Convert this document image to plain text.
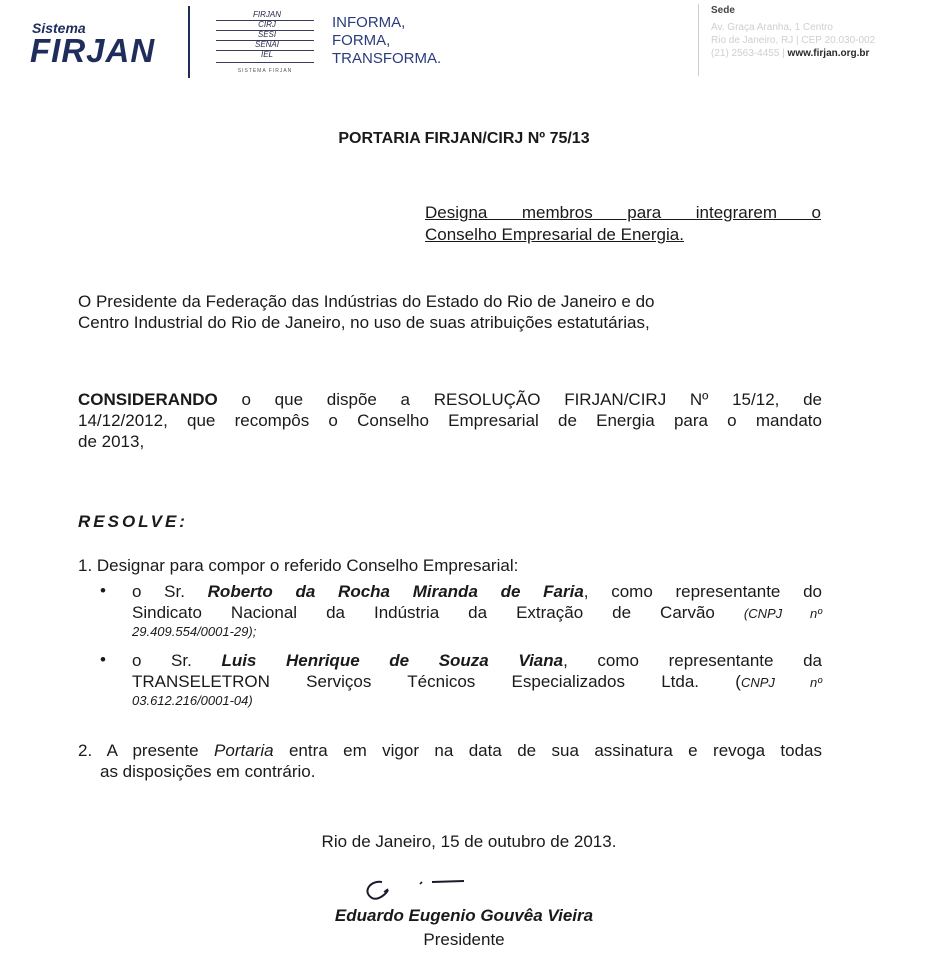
Sistema
FIRJAN
FIRJAN
CIRJ
SESI
SENAI
IEL
SISTEMA FIRJAN
INFORMA,
FORMA,
TRANSFORMA.
Sede
Av. Graça Aranha, 1 Centro
Rio de Janeiro, RJ | CEP 20.030-002
(21) 2563-4455 | www.firjan.org.br
PORTARIA FIRJAN/CIRJ Nº 75/13
Designa membros para integrarem o
Conselho Empresarial de Energia .
O Presidente da Federação das Indústrias do Estado do Rio de Janeiro e do
Centro Industrial do Rio de Janeiro, no uso de suas atribuições estatutárias,
CONSIDERANDO o que dispõe a RESOLUÇÃO FIRJAN/CIRJ Nº 15/12, de
14/12/2012, que recompôs o Conselho Empresarial de Energia para o mandato
de 2013,
RESOLVE:
1. Designar para compor o referido Conselho Empresarial:
• o Sr. Roberto da Rocha Miranda de Faria, como representante do
Sindicato Nacional da Indústria da Extração de Carvão (CNPJ nº
29.409.554/0001-29);
• o Sr. Luis Henrique de Souza Viana, como representante da
TRANSELETRON Serviços Técnicos Especializados Ltda. (CNPJ nº
03.612.216/0001-04)
2. A presente Portaria entra em vigor na data de sua assinatura e revoga todas
as disposições em contrário.
Rio de Janeiro, 15 de outubro de 2013.
Eduardo Eugenio Gouvêa Vieira
Presidente
